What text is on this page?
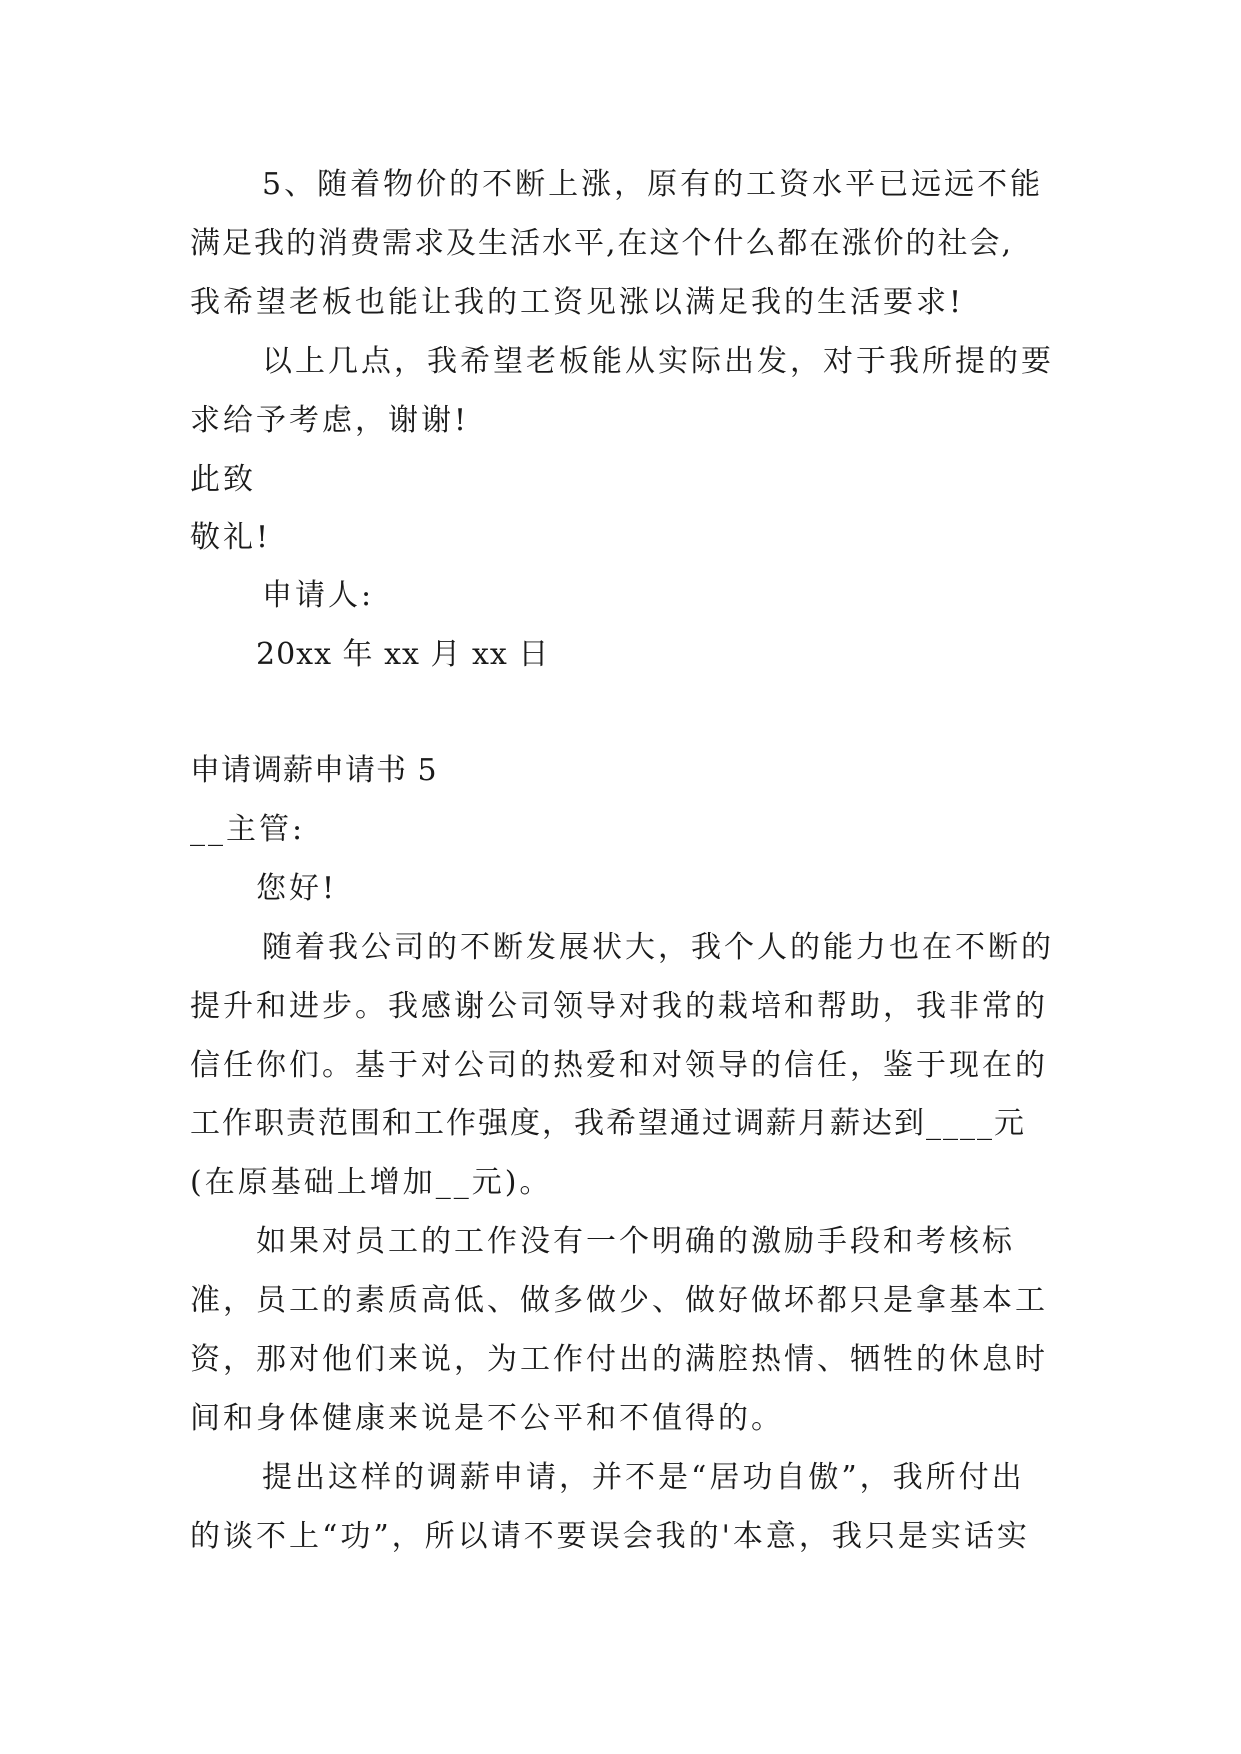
5、随着物价的不断上涨，原有的工资水平已远远不能
满足我的消费需求及生活水平,在这个什么都在涨价的社会,
我希望老板也能让我的工资见涨以满足我的生活要求!
以上几点，我希望老板能从实际出发，对于我所提的要
求给予考虑，谢谢!
此致
敬礼!
申请人:
20xx 年 xx 月 xx 日
申请调薪申请书 5
__主管:
您好!
随着我公司的不断发展状大，我个人的能力也在不断的
提升和进步。我感谢公司领导对我的栽培和帮助，我非常的
信任你们。基于对公司的热爱和对领导的信任，鉴于现在的
工作职责范围和工作强度，我希望通过调薪月薪达到____元
(在原基础上增加__元)。
如果对员工的工作没有一个明确的激励手段和考核标
准，员工的素质高低、做多做少、做好做坏都只是拿基本工
资，那对他们来说，为工作付出的满腔热情、牺牲的休息时
间和身体健康来说是不公平和不值得的。
提出这样的调薪申请，并不是“居功自傲”，我所付出
的谈不上“功”，所以请不要误会我的'本意，我只是实话实
